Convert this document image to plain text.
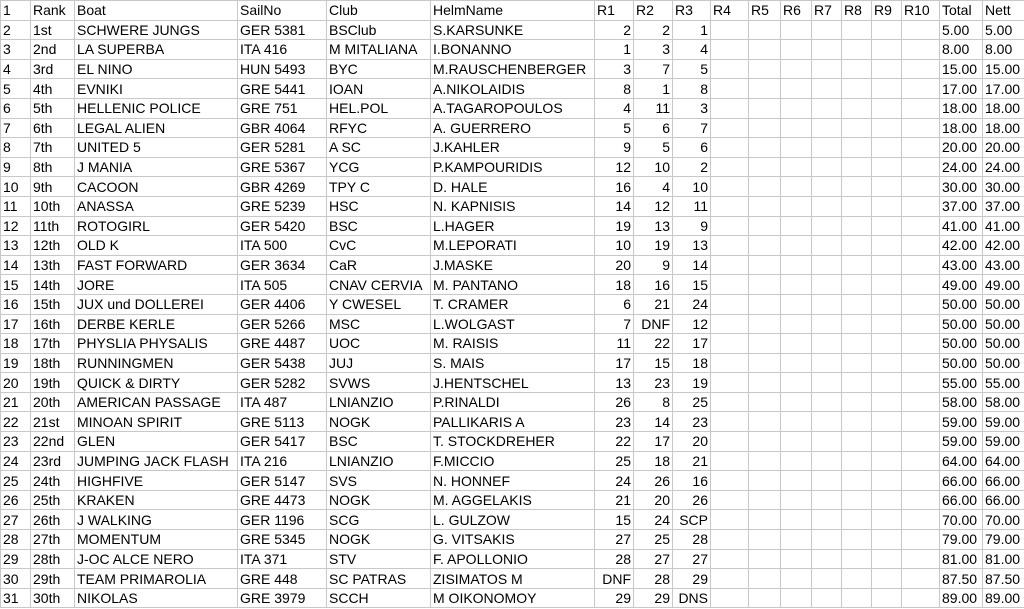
1	Rank	Boat	SailNo	Club	HelmName	R1	R2	R3	R4	R5	R6	R7	R8	R9	R10	Total	Nett
2	1st	SCHWERE JUNGS	GER 5381	BSClub	S.KARSUNKE	2	2	1								5.00	5.00
3	2nd	LA SUPERBA	ITA 416	M MITALIANA	I.BONANNO	1	3	4								8.00	8.00
4	3rd	EL NINO	HUN 5493	BYC	M.RAUSCHENBERGER	3	7	5								15.00	15.00
5	4th	EVNIKI	GRE 5441	IOAN	A.NIKOLAIDIS	8	1	8								17.00	17.00
6	5th	HELLENIC POLICE	GRE 751	HEL.POL	A.TAGAROPOULOS	4	11	3								18.00	18.00
7	6th	LEGAL ALIEN	GBR 4064	RFYC	A. GUERRERO	5	6	7								18.00	18.00
8	7th	UNITED 5	GER 5281	A SC	J.KAHLER	9	5	6								20.00	20.00
9	8th	J MANIA	GRE 5367	YCG	P.KAMPOURIDIS	12	10	2								24.00	24.00
10	9th	CACOON	GBR 4269	TPY C	D. HALE	16	4	10								30.00	30.00
11	10th	ANASSA	GRE 5239	HSC	N. KAPNISIS	14	12	11								37.00	37.00
12	11th	ROTOGIRL	GER 5420	BSC	L.HAGER	19	13	9								41.00	41.00
13	12th	OLD K	ITA 500	CvC	M.LEPORATI	10	19	13								42.00	42.00
14	13th	FAST FORWARD	GER 3634	CaR	J.MASKE	20	9	14								43.00	43.00
15	14th	JORE	ITA 505	CNAV CERVIA	M. PANTANO	18	16	15								49.00	49.00
16	15th	JUX und DOLLEREI	GER 4406	Y CWESEL	T. CRAMER	6	21	24								50.00	50.00
17	16th	DERBE KERLE	GER 5266	MSC	L.WOLGAST	7	DNF	12								50.00	50.00
18	17th	PHYSLIA PHYSALIS	GRE 4487	UOC	M. RAISIS	11	22	17								50.00	50.00
19	18th	RUNNINGMEN	GER 5438	JUJ	S. MAIS	17	15	18								50.00	50.00
20	19th	QUICK & DIRTY	GER 5282	SVWS	J.HENTSCHEL	13	23	19								55.00	55.00
21	20th	AMERICAN PASSAGE	ITA 487	LNIANZIO	P.RINALDI	26	8	25								58.00	58.00
22	21st	MINOAN SPIRIT	GRE 5113	NOGK	PALLIKARIS A	23	14	23								59.00	59.00
23	22nd	GLEN	GER 5417	BSC	T. STOCKDREHER	22	17	20								59.00	59.00
24	23rd	JUMPING JACK FLASH	ITA 216	LNIANZIO	F.MICCIO	25	18	21								64.00	64.00
25	24th	HIGHFIVE	GER 5147	SVS	N. HONNEF	24	26	16								66.00	66.00
26	25th	KRAKEN	GRE 4473	NOGK	M. AGGELAKIS	21	20	26								66.00	66.00
27	26th	J WALKING	GER 1196	SCG	L. GULZOW	15	24	SCP								70.00	70.00
28	27th	MOMENTUM	GRE 5345	NOGK	G. VITSAKIS	27	25	28								79.00	79.00
29	28th	J-OC ALCE NERO	ITA 371	STV	F. APOLLONIO	28	27	27								81.00	81.00
30	29th	TEAM PRIMAROLIA	GRE 448	SC PATRAS	ZISIMATOS M	DNF	28	29								87.50	87.50
31	30th	NIKOLAS	GRE 3979	SCCH	M OIKONOMOY	29	29	DNS								89.00	89.00
